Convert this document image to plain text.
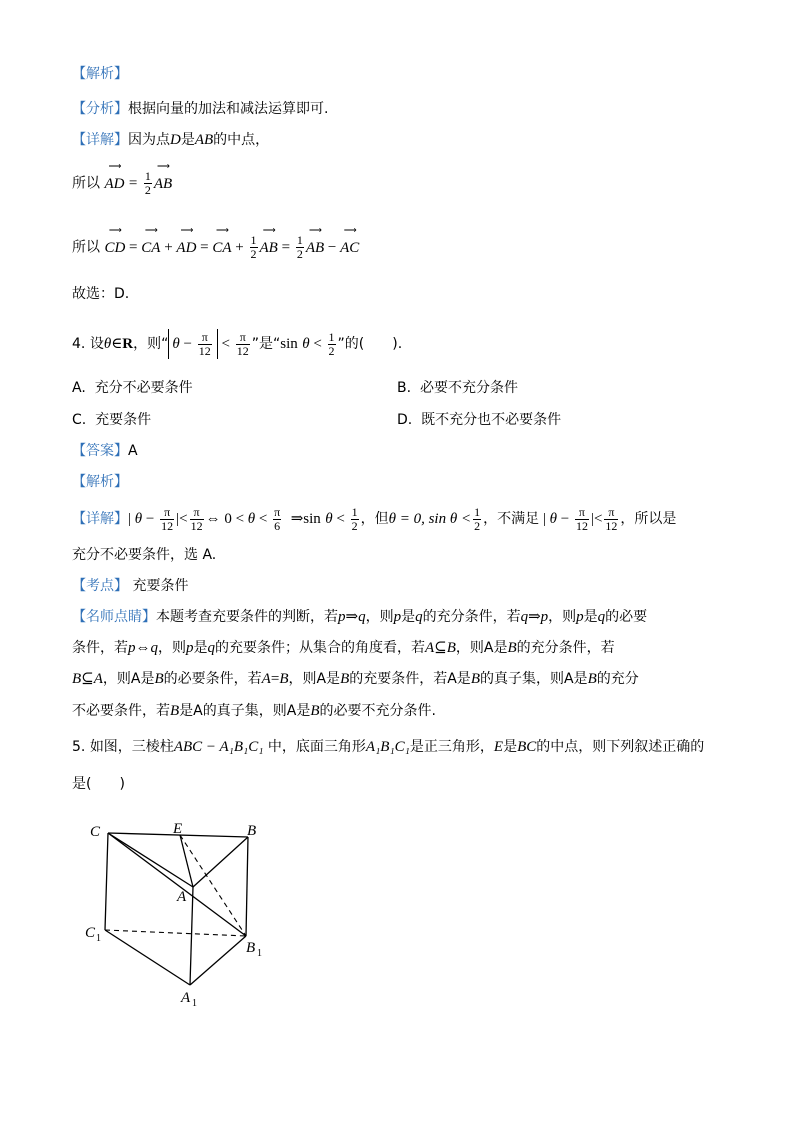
【解析】
【分析】根据向量的加法和减法运算即可.
【详解】因为点D是AB的中点，
所以
⟶
AD = $\frac{1}{2}$
⟶
AB
所以
⟶
CD =
⟶
CA +
⟶
AD =
⟶
CA + $\frac{1}{2}$
⟶
AB = $\frac{1}{2}$
⟶
AB −
⟶
AC
故选：D.
4. 设θ∈R，则“ $\theta - \frac{\pi}{12} < \frac{\pi}{12}$ ”是“sin $\theta < \frac{1}{2}$ ”的(　　).
A. 充分不必要条件	B. 必要不充分条件
C. 充要条件	D. 既不充分也不必要条件
【答案】A
【解析】
【详解】| $\theta - \frac{\pi}{12}$ |< $\frac{\pi}{12}$ ⇔ $0 < \theta < \frac{\pi}{6}$ ⇒sin $\theta < \frac{1}{2}$ ，但θ = 0, $\sin \theta < \frac{1}{2}$ ，不满足 | $\theta - \frac{\pi}{12}$ |< $\frac{\pi}{12}$ ，所以是
充分不必要条件，选 A.
【考点】 充要条件
【名师点睛】本题考查充要条件的判断，若p⇒q，则p是q的充分条件，若q⇒p，则p是q的必要
条件，若p⇔q，则p是q的充要条件；从集合的角度看，若A⊆B，则A是B的充分条件，若
B⊆A，则A是B的必要条件，若A=B，则A是B的充要条件，若A是B的真子集，则A是B的充分
不必要条件，若B是A的真子集，则A是B的必要不充分条件.
5. 如图，三棱柱ABC − A₁B₁C₁ 中，底面三角形A₁B₁C₁是正三角形，E是BC的中点，则下列叙述正确的
是(　　)
C	E	B
A
C 1
B 1
A 1
